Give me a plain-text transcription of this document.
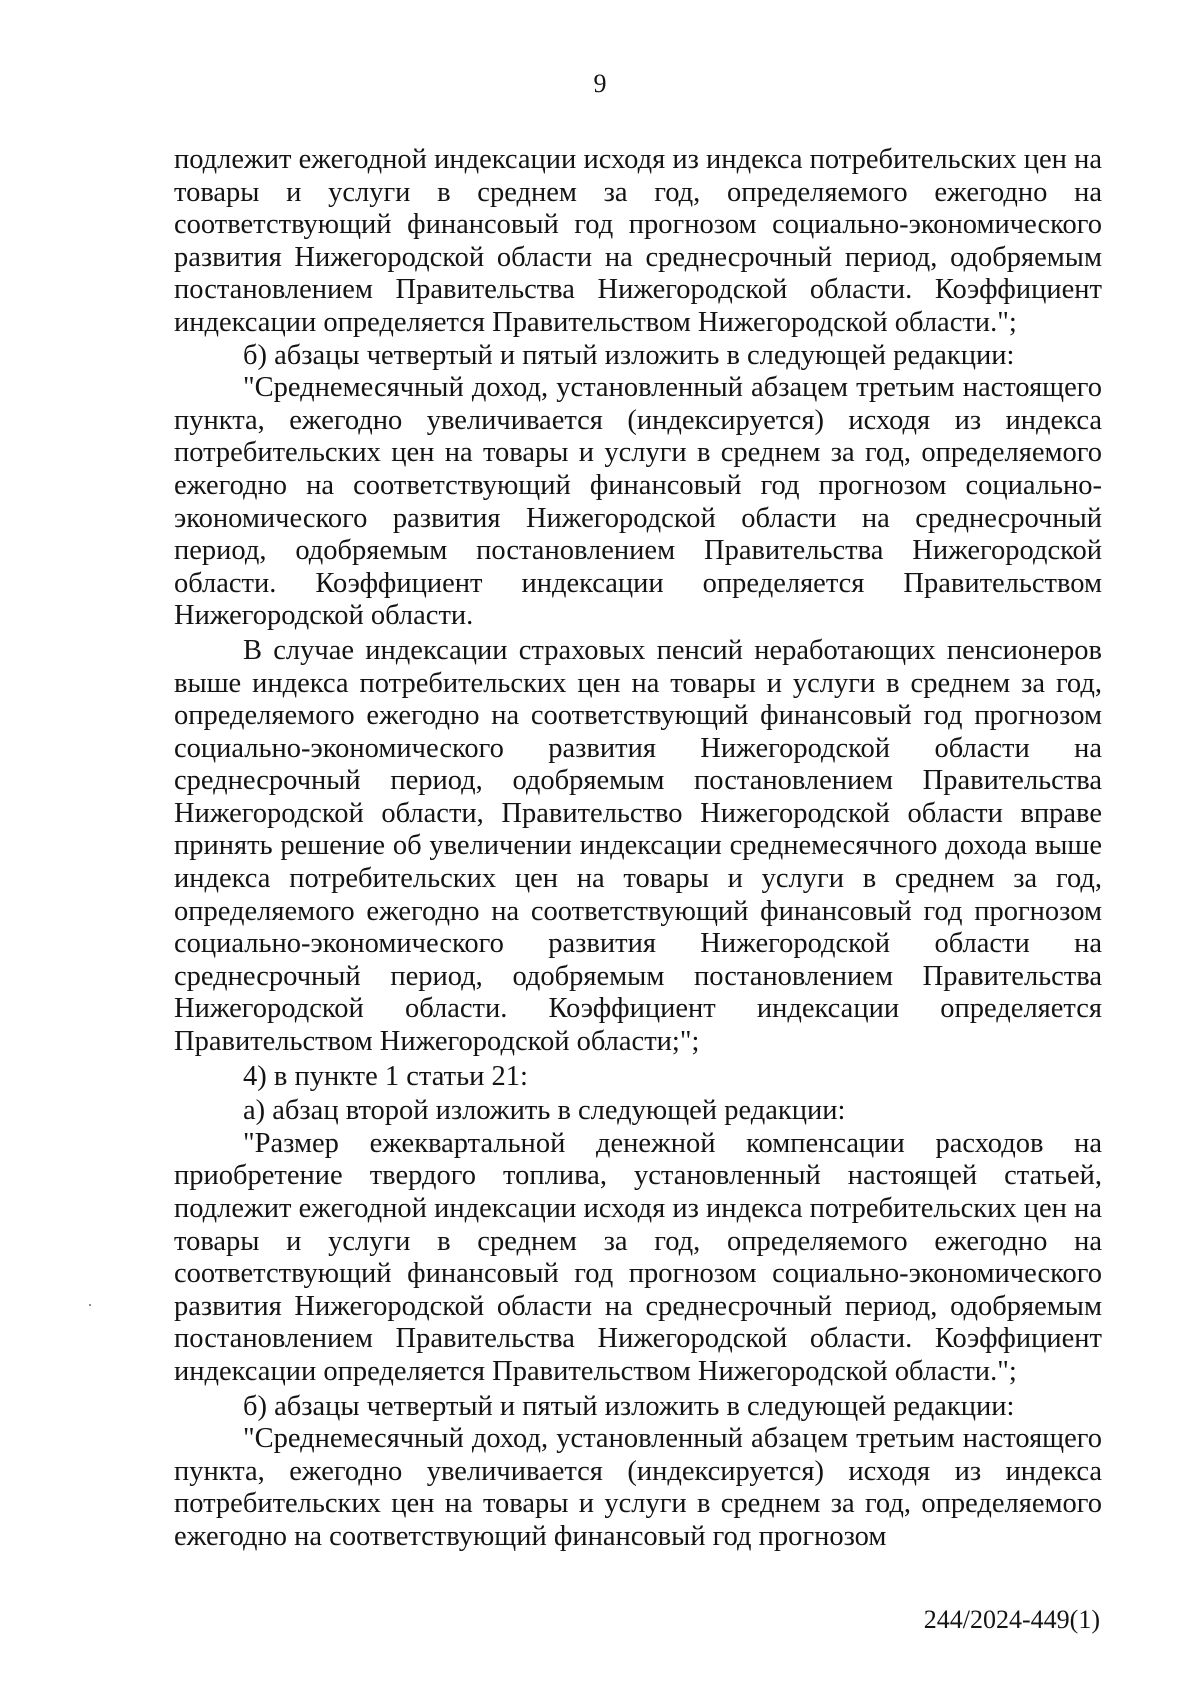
9

подлежит ежегодной индексации исходя из индекса потребительских цен на товары и услуги в среднем за год, определяемого ежегодно на соответствующий финансовый год прогнозом социально-экономического развития Нижегородской области на среднесрочный период, одобряемым постановлением Правительства Нижегородской области. Коэффициент индексации определяется Правительством Нижегородской области.";

б) абзацы четвертый и пятый изложить в следующей редакции:

"Среднемесячный доход, установленный абзацем третьим настоящего пункта, ежегодно увеличивается (индексируется) исходя из индекса потребительских цен на товары и услуги в среднем за год, определяемого ежегодно на соответствующий финансовый год прогнозом социально-экономического развития Нижегородской области на среднесрочный период, одобряемым постановлением Правительства Нижегородской области. Коэффициент индексации определяется Правительством Нижегородской области.

В случае индексации страховых пенсий неработающих пенсионеров выше индекса потребительских цен на товары и услуги в среднем за год, определяемого ежегодно на соответствующий финансовый год прогнозом социально-экономического развития Нижегородской области на среднесрочный период, одобряемым постановлением Правительства Нижегородской области, Правительство Нижегородской области вправе принять решение об увеличении индексации среднемесячного дохода выше индекса потребительских цен на товары и услуги в среднем за год, определяемого ежегодно на соответствующий финансовый год прогнозом социально-экономического развития Нижегородской области на среднесрочный период, одобряемым постановлением Правительства Нижегородской области. Коэффициент индексации определяется Правительством Нижегородской области;";

4) в пункте 1 статьи 21:

а) абзац второй изложить в следующей редакции:

"Размер ежеквартальной денежной компенсации расходов на приобретение твердого топлива, установленный настоящей статьей, подлежит ежегодной индексации исходя из индекса потребительских цен на товары и услуги в среднем за год, определяемого ежегодно на соответствующий финансовый год прогнозом социально-экономического развития Нижегородской области на среднесрочный период, одобряемым постановлением Правительства Нижегородской области. Коэффициент индексации определяется Правительством Нижегородской области.";

б) абзацы четвертый и пятый изложить в следующей редакции:

"Среднемесячный доход, установленный абзацем третьим настоящего пункта, ежегодно увеличивается (индексируется) исходя из индекса потребительских цен на товары и услуги в среднем за год, определяемого ежегодно на соответствующий финансовый год прогнозом

244/2024-449(1)
